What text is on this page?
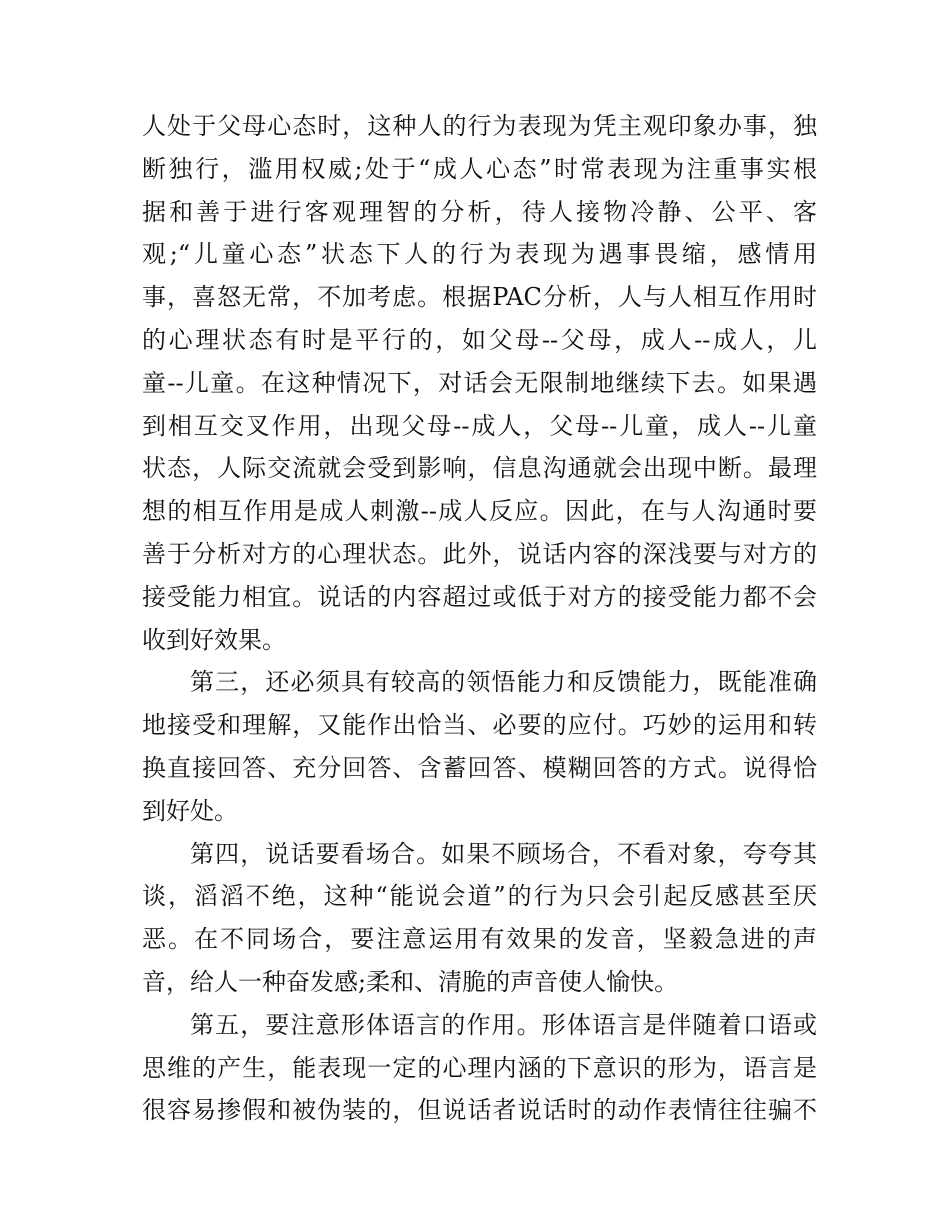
人处于父母心态时，这种人的行为表现为凭主观印象办事，独
断独行，滥用权威;处于“成人心态”时常表现为注重事实根
据和善于进行客观理智的分析，待人接物冷静、公平、客
观;“儿童心态”状态下人的行为表现为遇事畏缩，感情用
事，喜怒无常，不加考虑。根据PAC分析，人与人相互作用时
的心理状态有时是平行的，如父母--父母，成人--成人，儿
童--儿童。在这种情况下，对话会无限制地继续下去。如果遇
到相互交叉作用，出现父母--成人，父母--儿童，成人--儿童
状态，人际交流就会受到影响，信息沟通就会出现中断。最理
想的相互作用是成人刺激--成人反应。因此，在与人沟通时要
善于分析对方的心理状态。此外，说话内容的深浅要与对方的
接受能力相宜。说话的内容超过或低于对方的接受能力都不会
收到好效果。
第三，还必须具有较高的领悟能力和反馈能力，既能准确
地接受和理解，又能作出恰当、必要的应付。巧妙的运用和转
换直接回答、充分回答、含蓄回答、模糊回答的方式。说得恰
到好处。
第四，说话要看场合。如果不顾场合，不看对象，夸夸其
谈，滔滔不绝，这种“能说会道”的行为只会引起反感甚至厌
恶。在不同场合，要注意运用有效果的发音，坚毅急进的声
音，给人一种奋发感;柔和、清脆的声音使人愉快。
第五，要注意形体语言的作用。形体语言是伴随着口语或
思维的产生，能表现一定的心理内涵的下意识的形为，语言是
很容易掺假和被伪装的，但说话者说话时的动作表情往往骗不
